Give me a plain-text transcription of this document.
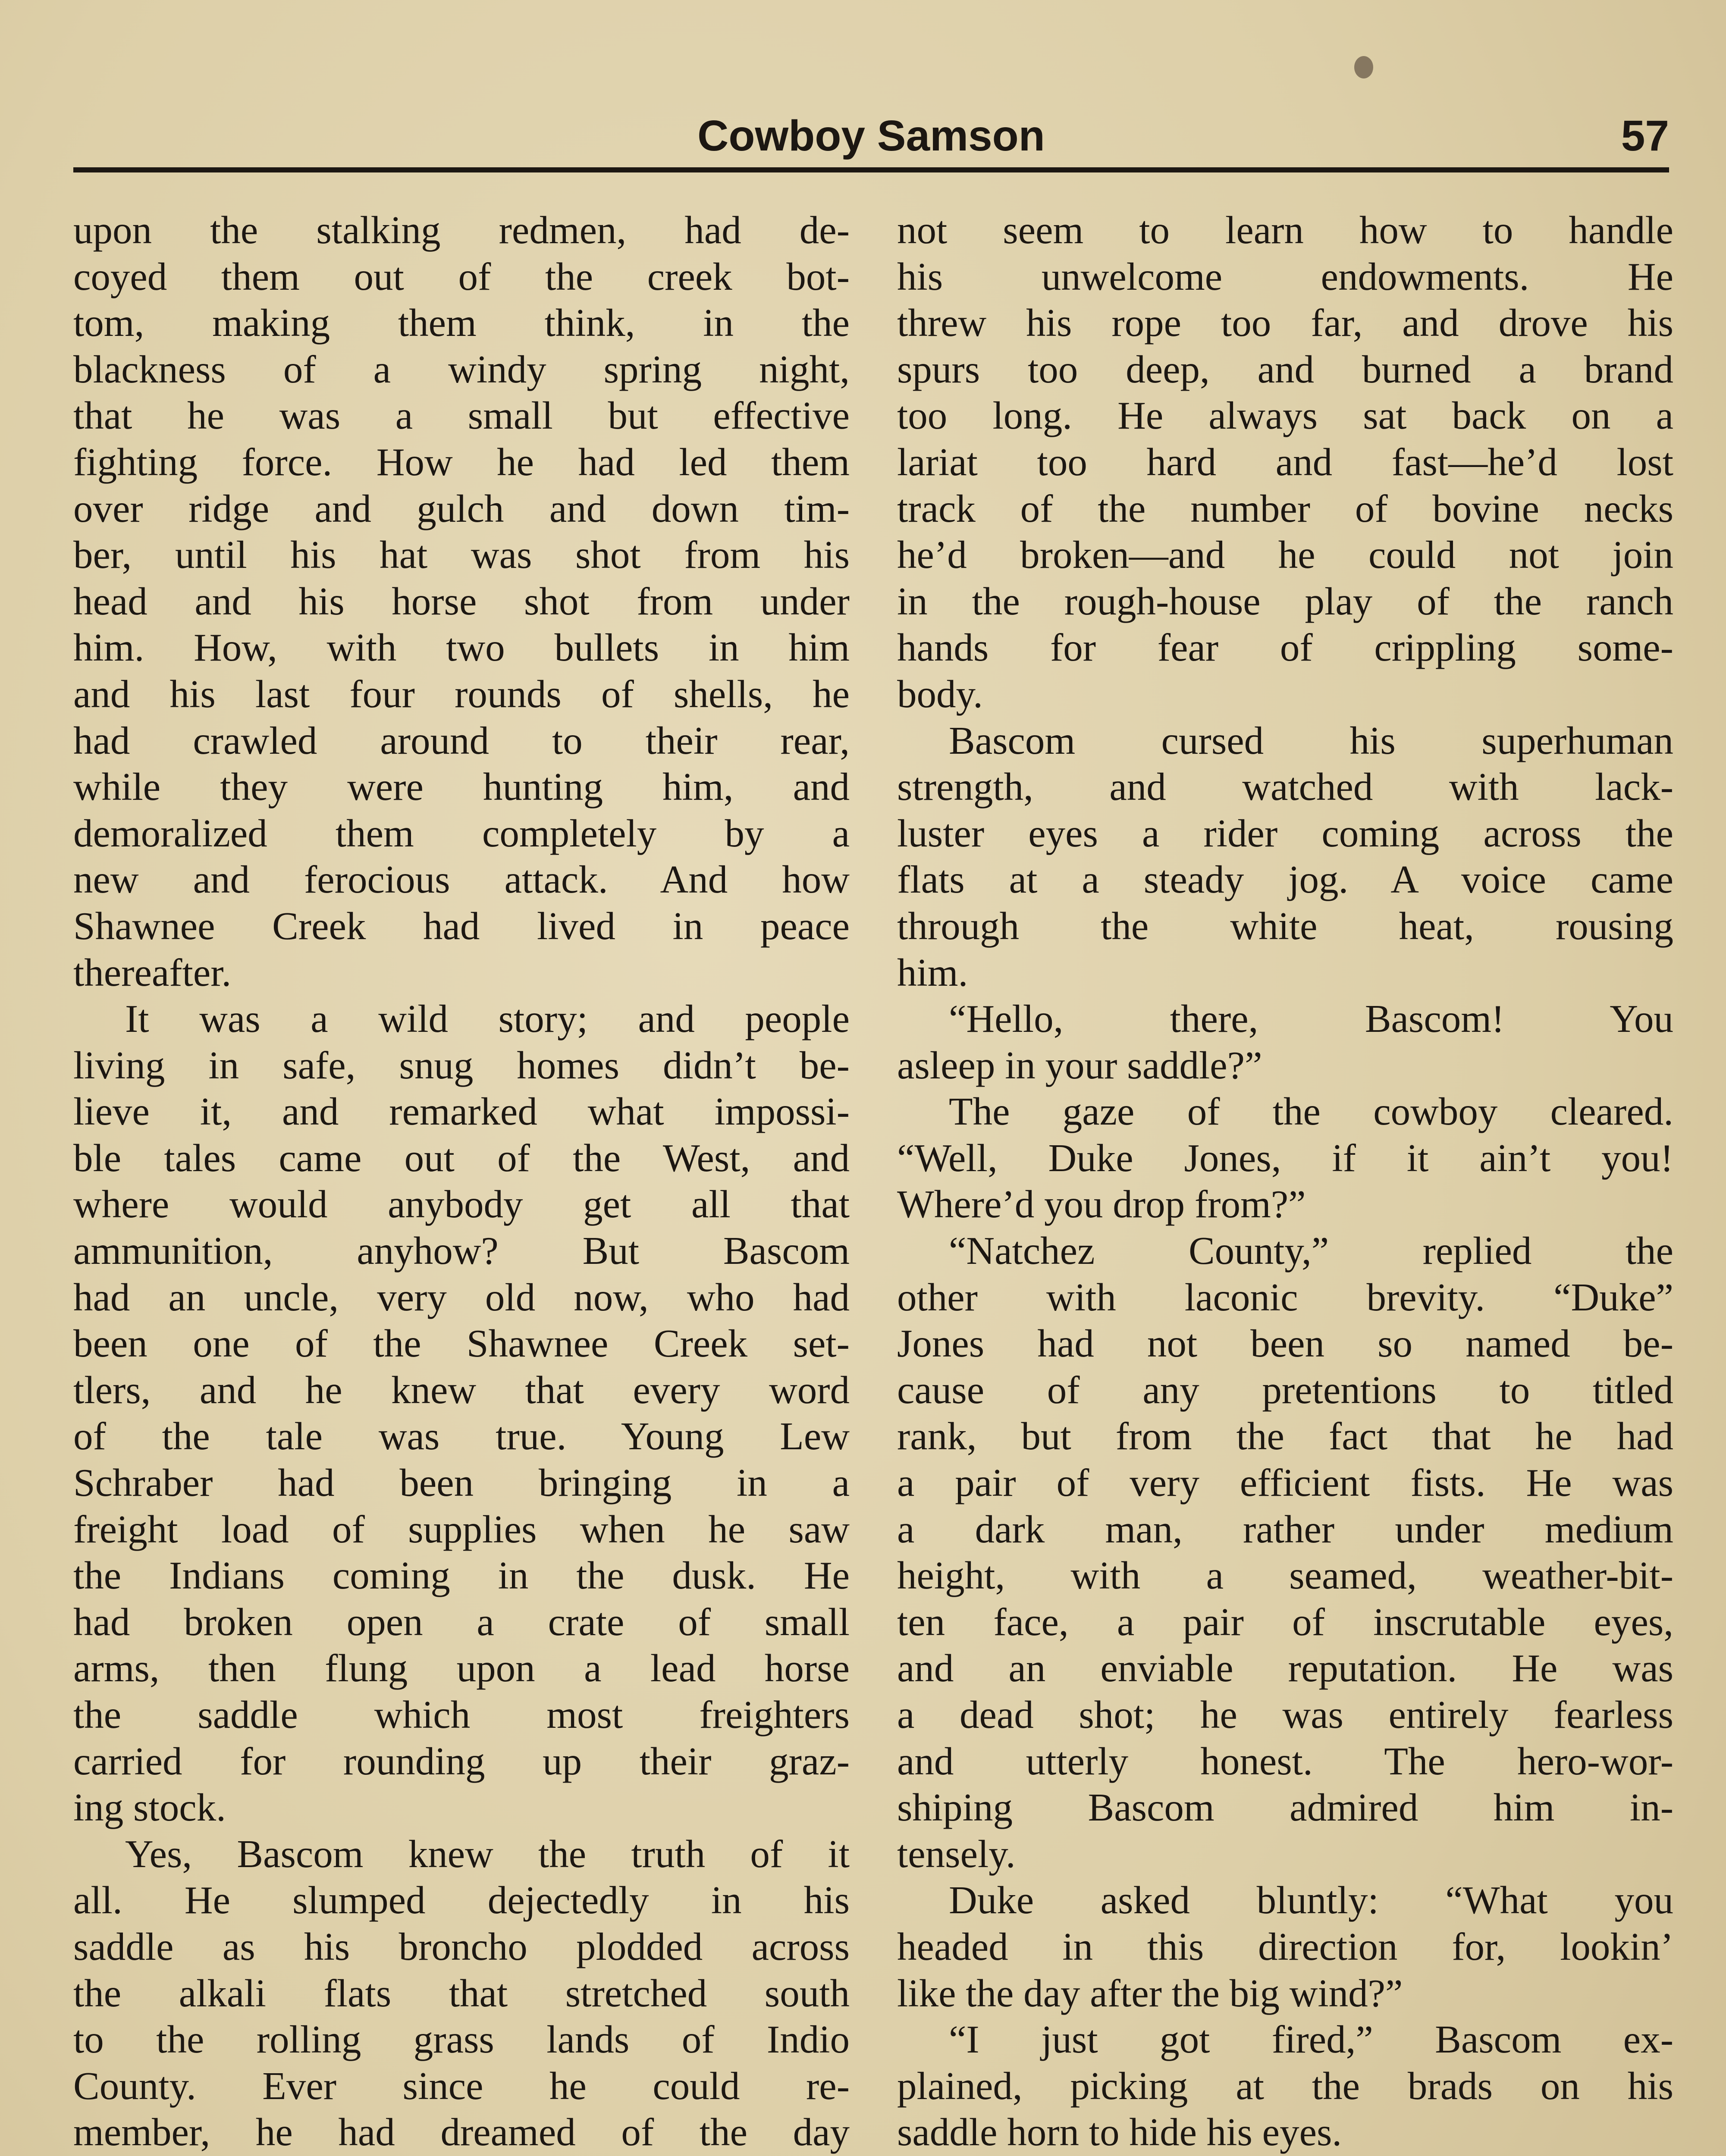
Cowboy Samson	57
upon the stalking redmen, had de-
coyed them out of the creek bot-
tom, making them think, in the
blackness of a windy spring night,
that he was a small but effective
fighting force. How he had led them
over ridge and gulch and down tim-
ber, until his hat was shot from his
head and his horse shot from under
him. How, with two bullets in him
and his last four rounds of shells, he
had crawled around to their rear,
while they were hunting him, and
demoralized them completely by a
new and ferocious attack. And how
Shawnee Creek had lived in peace
thereafter.
It was a wild story; and people
living in safe, snug homes didn’t be-
lieve it, and remarked what impossi-
ble tales came out of the West, and
where would anybody get all that
ammunition, anyhow? But Bascom
had an uncle, very old now, who had
been one of the Shawnee Creek set-
tlers, and he knew that every word
of the tale was true. Young Lew
Schraber had been bringing in a
freight load of supplies when he saw
the Indians coming in the dusk. He
had broken open a crate of small
arms, then flung upon a lead horse
the saddle which most freighters
carried for rounding up their graz-
ing stock.
Yes, Bascom knew the truth of it
all. He slumped dejectedly in his
saddle as his broncho plodded across
the alkali flats that stretched south
to the rolling grass lands of Indio
County. Ever since he could re-
member, he had dreamed of the day
not seem to learn how to handle
his unwelcome endowments. He
threw his rope too far, and drove his
spurs too deep, and burned a brand
too long. He always sat back on a
lariat too hard and fast—he’d lost
track of the number of bovine necks
he’d broken—and he could not join
in the rough-house play of the ranch
hands for fear of crippling some-
body.
Bascom cursed his superhuman
strength, and watched with lack-
luster eyes a rider coming across the
flats at a steady jog. A voice came
through the white heat, rousing
him.
“Hello, there, Bascom! You
asleep in your saddle?”
The gaze of the cowboy cleared.
“Well, Duke Jones, if it ain’t you!
Where’d you drop from?”
“Natchez County,” replied the
other with laconic brevity. “Duke”
Jones had not been so named be-
cause of any pretentions to titled
rank, but from the fact that he had
a pair of very efficient fists. He was
a dark man, rather under medium
height, with a seamed, weather-bit-
ten face, a pair of inscrutable eyes,
and an enviable reputation. He was
a dead shot; he was entirely fearless
and utterly honest. The hero-wor-
shiping Bascom admired him in-
tensely.
Duke asked bluntly: “What you
headed in this direction for, lookin’
like the day after the big wind?”
“I just got fired,” Bascom ex-
plained, picking at the brads on his
saddle horn to hide his eyes.
